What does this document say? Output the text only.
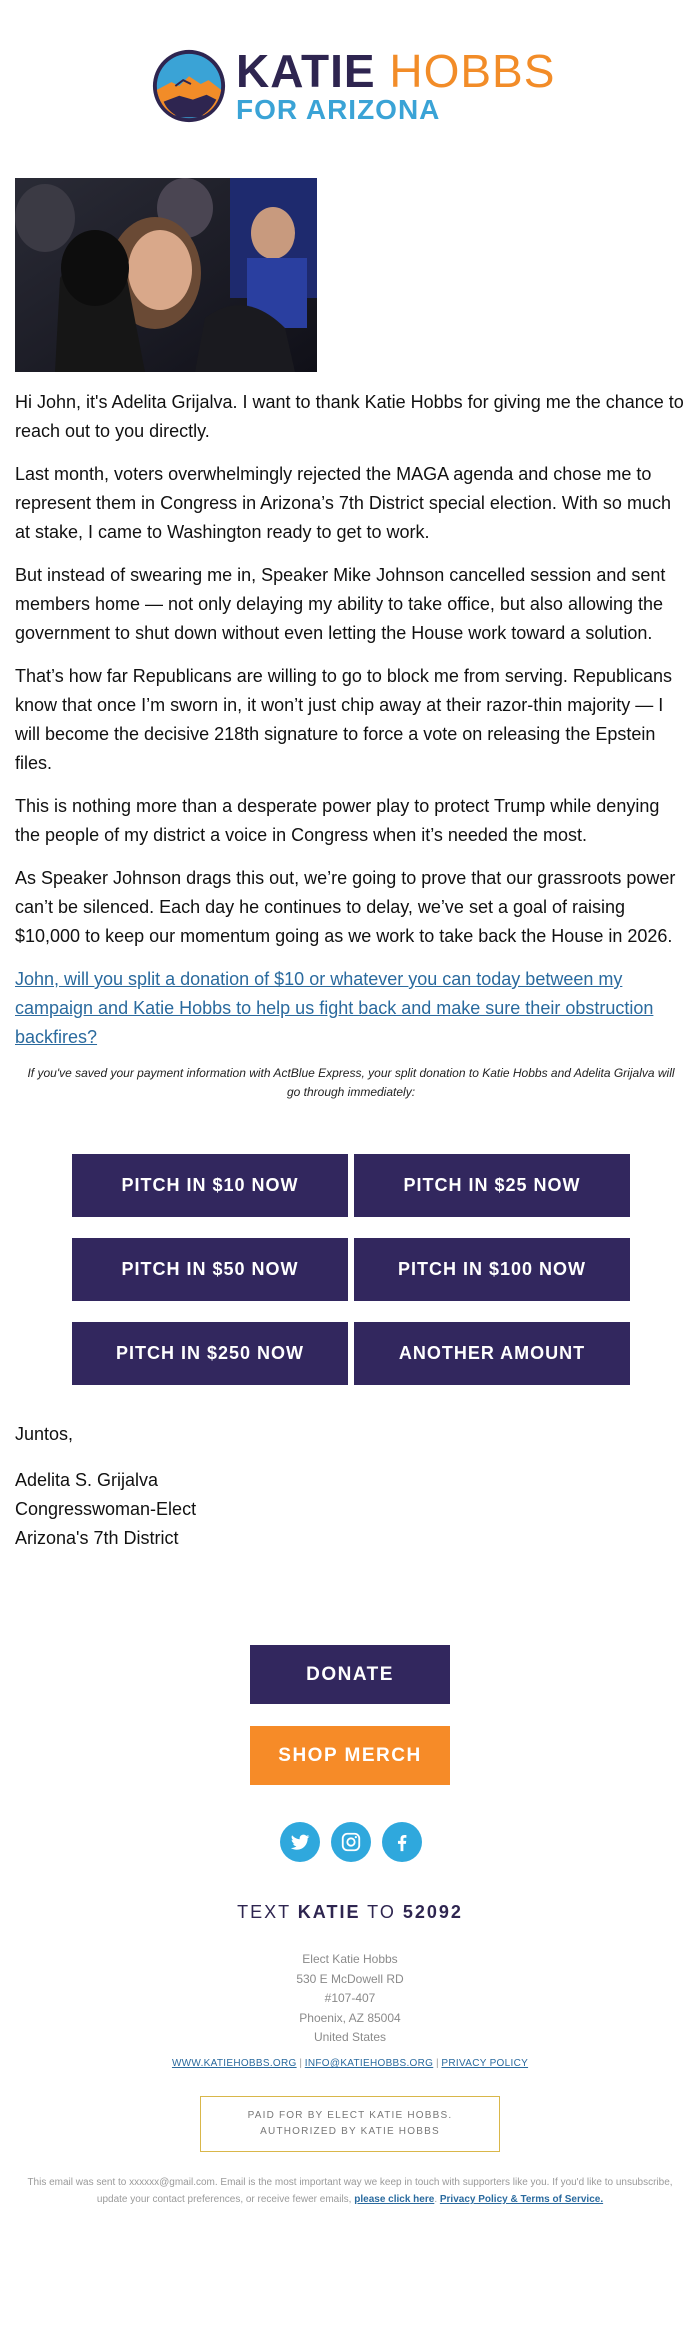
KATIE HOBBS
FOR ARIZONA

Hi John, it's Adelita Grijalva. I want to thank Katie Hobbs for giving me the chance to reach out to you directly.

Last month, voters overwhelmingly rejected the MAGA agenda and chose me to represent them in Congress in Arizona’s 7th District special election. With so much at stake, I came to Washington ready to get to work.

But instead of swearing me in, Speaker Mike Johnson cancelled session and sent members home — not only delaying my ability to take office, but also allowing the government to shut down without even letting the House work toward a solution.

That’s how far Republicans are willing to go to block me from serving. Republicans know that once I’m sworn in, it won’t just chip away at their razor-thin majority — I will become the decisive 218th signature to force a vote on releasing the Epstein files.

This is nothing more than a desperate power play to protect Trump while denying the people of my district a voice in Congress when it’s needed the most.

As Speaker Johnson drags this out, we’re going to prove that our grassroots power can’t be silenced. Each day he continues to delay, we’ve set a goal of raising $10,000 to keep our momentum going as we work to take back the House in 2026.

John, will you split a donation of $10 or whatever you can today between my campaign and Katie Hobbs to help us fight back and make sure their obstruction backfires?

If you've saved your payment information with ActBlue Express, your split donation to Katie Hobbs and Adelita Grijalva will go through immediately:

PITCH IN $10 NOW	PITCH IN $25 NOW
PITCH IN $50 NOW	PITCH IN $100 NOW
PITCH IN $250 NOW	ANOTHER AMOUNT
Juntos,
Adelita S. Grijalva
Congresswoman-Elect
Arizona's 7th District
DONATE
SHOP MERCH
TEXT KATIE TO 52092
Elect Katie Hobbs
530 E McDowell RD
#107-407
Phoenix, AZ 85004
United States
WWW.KATIEHOBBS.ORG | INFO@KATIEHOBBS.ORG | PRIVACY POLICY
PAID FOR BY ELECT KATIE HOBBS.
AUTHORIZED BY KATIE HOBBS
This email was sent to xxxxxx@gmail.com. Email is the most important way we keep in touch with supporters like you. If you'd like to unsubscribe, update your contact preferences, or receive fewer emails, please click here. Privacy Policy & Terms of Service.
